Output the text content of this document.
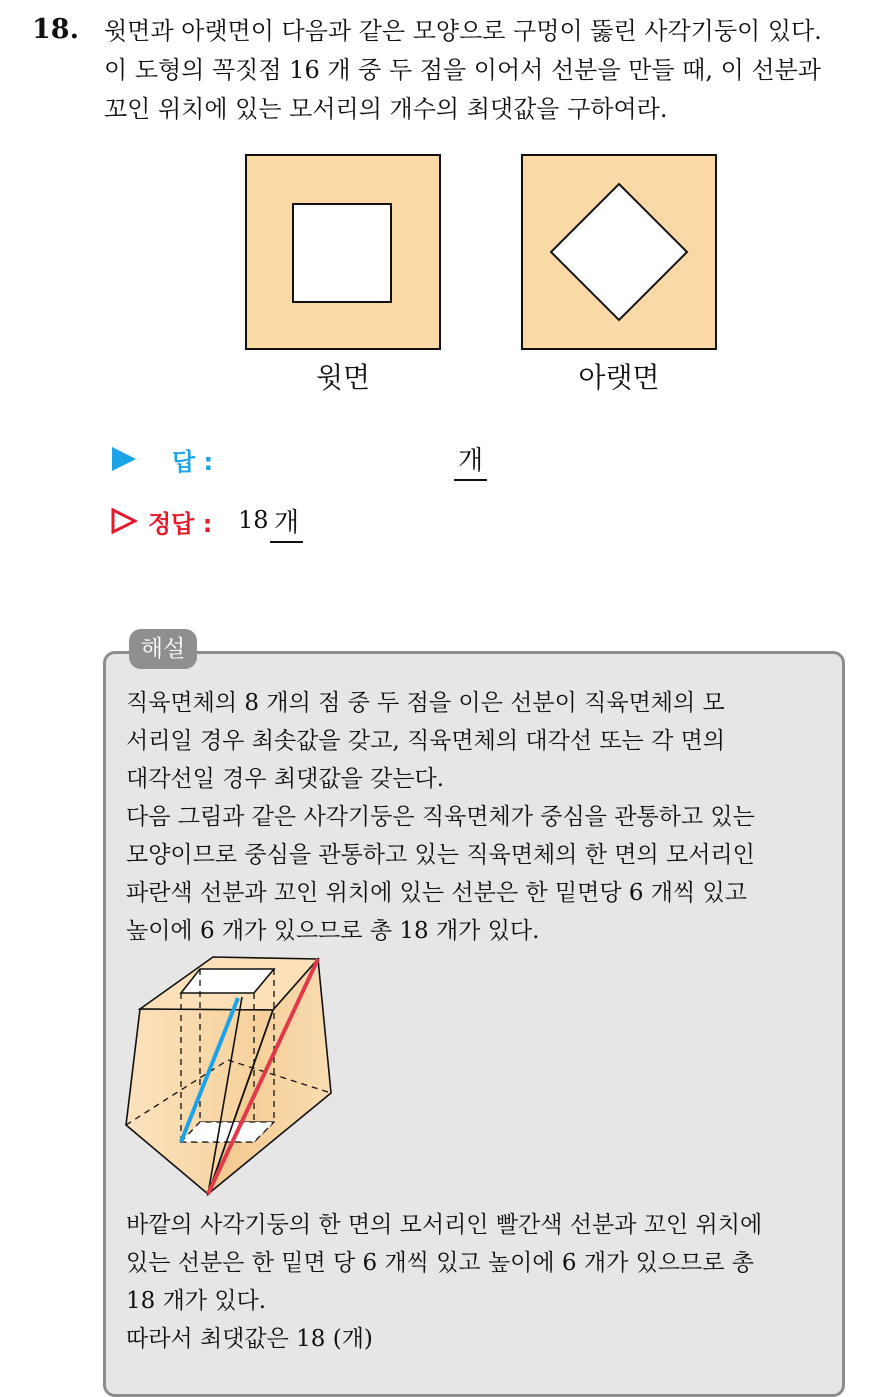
18. 윗면과 아랫면이 다음과 같은 모양으로 구멍이 뚫린 사각기둥이 있다.
이 도형의 꼭짓점 16 개 중 두 점을 이어서 선분을 만들 때, 이 선분과
꼬인 위치에 있는 모서리의 개수의 최댓값을 구하여라.
윗면	아랫면
답 :	개
정답 : 18 개
해설
직육면체의 8 개의 점 중 두 점을 이은 선분이 직육면체의 모
서리일 경우 최솟값을 갖고, 직육면체의 대각선 또는 각 면의
대각선일 경우 최댓값을 갖는다.
다음 그림과 같은 사각기둥은 직육면체가 중심을 관통하고 있는
모양이므로 중심을 관통하고 있는 직육면체의 한 면의 모서리인
파란색 선분과 꼬인 위치에 있는 선분은 한 밑면당 6 개씩 있고
높이에 6 개가 있으므로 총 18 개가 있다.
바깥의 사각기둥의 한 면의 모서리인 빨간색 선분과 꼬인 위치에
있는 선분은 한 밑면 당 6 개씩 있고 높이에 6 개가 있으므로 총
18 개가 있다.
따라서 최댓값은 18 (개)
